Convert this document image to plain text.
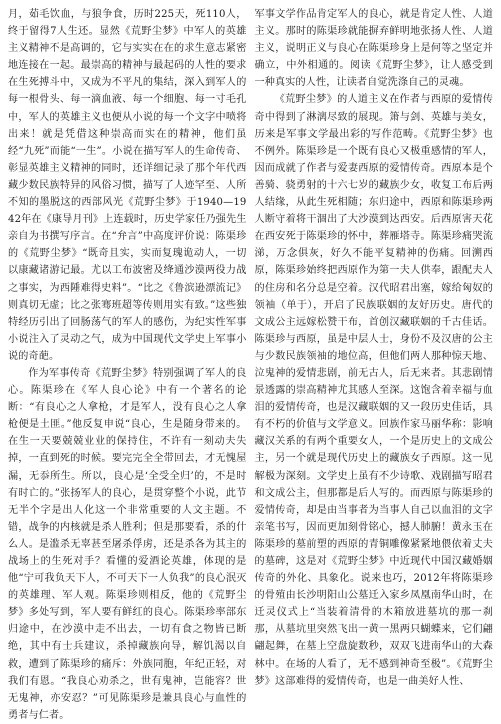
月，茹毛饮血，与狼争食，历时225天，死110人，终于留得7人生还。显然《荒野尘梦》中军人的英雄主义精神不是高调的，它与实实在在的求生意志紧密地连接在一起。最崇高的精神与最起码的人性的要求在生死搏斗中，又成为不平凡的集结，深入到军人的每一根骨头、每一滴血液、每一个细胞、每一寸毛孔中，军人的英雄主义也便从小说的每一个文字中喷将出来！就是凭借这种崇高而实在的精神，他们虽经“九死”而能“一生”。小说在描写军人的生命传奇、彰显英雄主义精神的同时，还详细记录了那个年代西藏少数民族特异的风俗习惯，描写了人迹罕至、人所不知的墨脱这的西部风光《荒野尘梦》于1940—1942年在《康导月刊》上连载时，历史学家任乃强先生亲自为书撰写序言。在“弁言”中高度评价说：陈渠珍的《荒野尘梦》“既奇且实，实而复瑰诡动人，一切以康藏诸游记最。尤以工布波密及绛通沙漠两役力战之事实，为西陲难得史料”。“比之《鲁滨逊漂流记》则真切无虚；比之张骞班超等传则用实有致。”这些独特经历引出了回肠荡气的军人的感伤，为纪实性军事小说注入了灵动之气，成为中国现代文学史上军事小说的奇葩。

作为军事传奇《荒野尘梦》特别强调了军人的良心。陈渠珍在《军人良心论》中有一个著名的论断：“有良心之人拿枪，才是军人，没有良心之人拿枪便是土匪。”他反复申说“良心，生是随身带来的。在生一天要兢兢业业的保持住，不许有一刻动夫失掉，一直到死的时候。要完完全全带回去，才无愧屋漏，无忝所生。所以，良心是‘全受全归’的，不是时有时亡的。”张扬军人的良心，是贯穿整个小说，此节无半个字是出人化这一个非常重要的人文主题。不错，战争的内核就是杀人胜利；但是那要看，杀的什么人。是滥杀无辜甚至屠杀俘虏，还是杀各为其主的战场上的生死对手？看懂的爱酒论英雄，体现的是他“宁可我负天下人，不可天下一人负我”的良心泯灭的英雄理、军人观。陈渠珍则相反，他的《荒野尘梦》多处写到，军人要有鲜红的良心。陈渠珍率部东归途中，在沙漠中走不出去，一切有食之物皆已断绝，其中有士兵建议，杀掉藏族向导，解饥渴以自救，遭到了陈渠珍的痛斥：外族同胞，年纪正轻，对我们有恩。“我良心劝杀之，世有鬼神，岂能容？世无鬼神，亦安忍？”可见陈渠珍是兼具良心与血性的勇者与仁者。

军事文学作品肯定军人的良心，就是肯定人性、人道主义。那时的陈渠珍就能摒弃鲜明地张扬人性、人道主义，说明正义与良心在陈渠珍身上是何等之坚定并确立，中外相通的。阅读《荒野尘梦》，让人感受到一种真实的人性，让读者自觉洗涤自己的灵魂。

《荒野尘梦》的人道主义在作者与西原的爱情传奇中得到了淋漓尽致的展现。箫与剑、英雄与美女，历来是军事文学最出彩的写作范畴。《荒野尘梦》也不例外。陈渠珍是一个既有良心又极重感情的军人，因而成就了作者与爱妻西原的爱情传奇。西原本是个善骑、骁勇射的十六七岁的藏族少女，收复工布后两人结缘，从此生死相随；东归途中，西原和陈渠珍两人断守着将干涸出了大沙漠到达西安。后西原害天花在西安死于陈渠珍的怀中，葬雁塔寺。陈渠珍痛哭流涕，万念俱灰，好久不能平复精神的伤痛。回溯西原，陈渠珍始终把西原作为第一夫人供奉，跟配夫人的住房和名分总是空着。汉代昭君出塞，嫁给匈奴的领袖（单于），开启了民族联姻的友好历史。唐代的文成公主远嫁松赞干布，首创汉藏联姻的千古佳话。陈渠珍与西原，虽是中层人士，身份不及汉唐的公主与少数民族领袖的地位高，但他们两人那种惊天地、泣鬼神的爱情悲剧，前无古人，后无来者。其悲剧情景透露的崇高精神尤其感人至深。这饱含着幸福与血泪的爱情传奇，也是汉藏联姻的又一段历史佳话，具有不朽的价值与文学意义。回族作家马丽华称：影响藏汉关系的有两个重要女人，一个是历史上的文成公主，另一个就是现代历史上的藏族女子西原。这一见解极为深刻。文学史上虽有不少诗歌、戏剧描写昭君和文成公主，但那都是后人写的。而西原与陈渠珍的爱情传奇，却是由当事者为当事人自己以血泪的文字亲笔书写，因而更加刻骨铭心，撼人肺腑！黄永玉在陈渠珍的墓前塑的西原的青铜雕像紧紧地偎依着丈夫的墓碑，这是对《荒野尘梦》中近现代中国汉藏婚姻传奇的外化、具象化。说来也巧，2012年将陈渠珍的骨殖由长沙明阳山公墓迁入家乡凤凰南华山时，在迁灵仪式上“当装着清骨的木箱放进墓坑的那一刹那，从墓坑里突然飞出一黄一黑两只蝴蝶来，它们翩翩起舞，在墓上空盘旋数秒，双双飞进南华山的大森林中。在场的人看了，无不感到神奇至极”。《荒野尘梦》这部难得的爱情传奇，也是一曲美好人性、
